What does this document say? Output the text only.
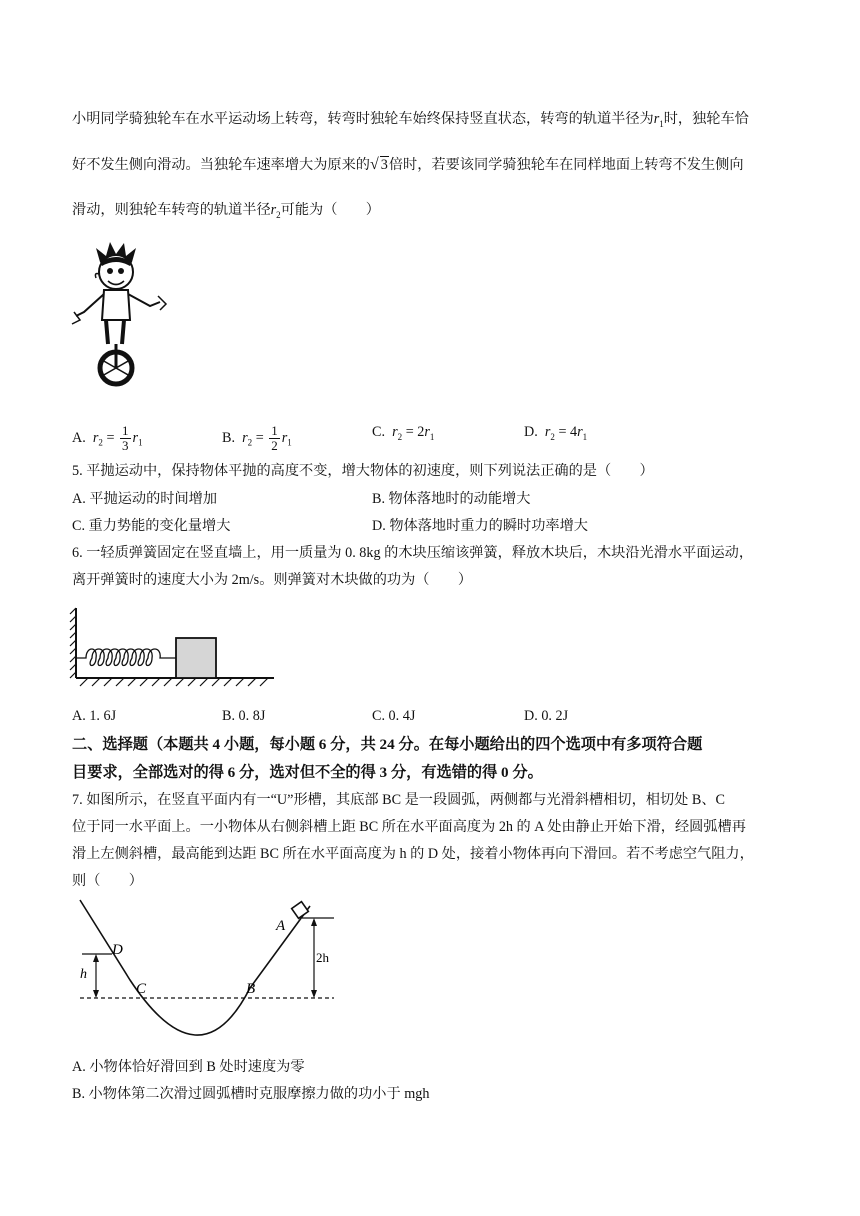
小明同学骑独轮车在水平运动场上转弯，转弯时独轮车始终保持竖直状态，转弯的轨道半径为$r_1$时，独轮车恰
好不发生侧向滑动。当独轮车速率增大为原来的√ 3倍时，若要该同学骑独轮车在同样地面上转弯不发生侧向
滑动，则独轮车转弯的轨道半径$r_2$可能为（　　）
A. $r_2 = \frac{1}{3} r_1$	B. $r_2 = \frac{1}{2} r_1$
C. $r_2 = 2r_1$	D. $r_2 = 4r_1$
5. 平抛运动中，保持物体平抛的高度不变，增大物体的初速度，则下列说法正确的是（　　）
A. 平抛运动的时间增加	B. 物体落地时的动能增大
C. 重力势能的变化量增大	D. 物体落地时重力的瞬时功率增大
6. 一轻质弹簧固定在竖直墙上，用一质量为 0. 8kg 的木块压缩该弹簧，释放木块后，木块沿光滑水平面运动，
离开弹簧时的速度大小为 2m/s。则弹簧对木块做的功为（　　）
A. 1. 6J	B. 0. 8J	C. 0. 4J	D. 0. 2J
二、选择题（本题共 4 小题，每小题 6 分，共 24 分。在每小题给出的四个选项中有多项符合题
目要求，全部选对的得 6 分，选对但不全的得 3 分，有选错的得 0 分。
7. 如图所示，在竖直平面内有一“U”形槽，其底部 BC 是一段圆弧，两侧都与光滑斜槽相切，相切处 B、C
位于同一水平面上。一小物体从右侧斜槽上距 BC 所在水平面高度为 2h 的 A 处由静止开始下滑，经圆弧槽再
滑上左侧斜槽，最高能到达距 BC 所在水平面高度为 h 的 D 处，接着小物体再向下滑回。若不考虑空气阻力，
则（　　）
D
h
C	B
A
2h
A. 小物体恰好滑回到 B 处时速度为零
B. 小物体第二次滑过圆弧槽时克服摩擦力做的功小于 mgh
